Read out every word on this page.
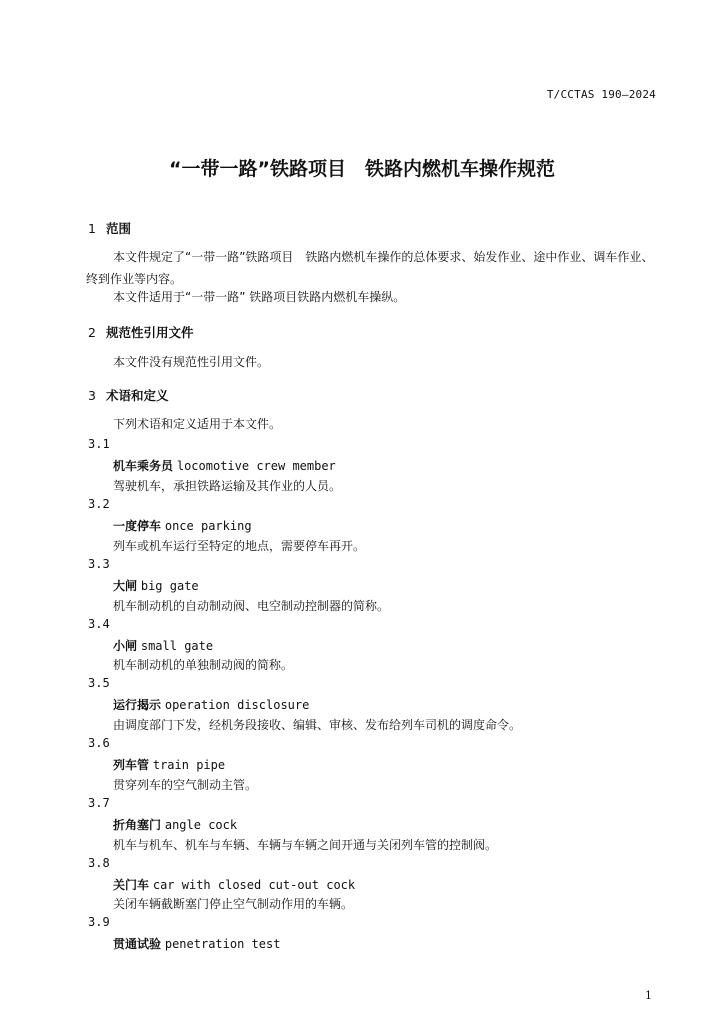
T/CCTAS 190—2024
“一带一路”铁路项目　铁路内燃机车操作规范
1 范围
本文件规定了“一带一路”铁路项目　铁路内燃机车操作的总体要求、始发作业、途中作业、调车作业、终到作业等内容。
本文件适用于“一带一路” 铁路项目铁路内燃机车操纵。
2 规范性引用文件
本文件没有规范性引用文件。
3 术语和定义
下列术语和定义适用于本文件。
3.1
机车乘务员 locomotive crew member
驾驶机车，承担铁路运输及其作业的人员。
3.2
一度停车 once parking
列车或机车运行至特定的地点，需要停车再开。
3.3
大闸 big gate
机车制动机的自动制动阀、电空制动控制器的简称。
3.4
小闸 small gate
机车制动机的单独制动阀的简称。
3.5
运行揭示 operation disclosure
由调度部门下发，经机务段接收、编辑、审核、发布给列车司机的调度命令。
3.6
列车管 train pipe
贯穿列车的空气制动主管。
3.7
折角塞门 angle cock
机车与机车、机车与车辆、车辆与车辆之间开通与关闭列车管的控制阀。
3.8
关门车 car with closed cut-out cock
关闭车辆截断塞门停止空气制动作用的车辆。
3.9
贯通试验 penetration test
1
